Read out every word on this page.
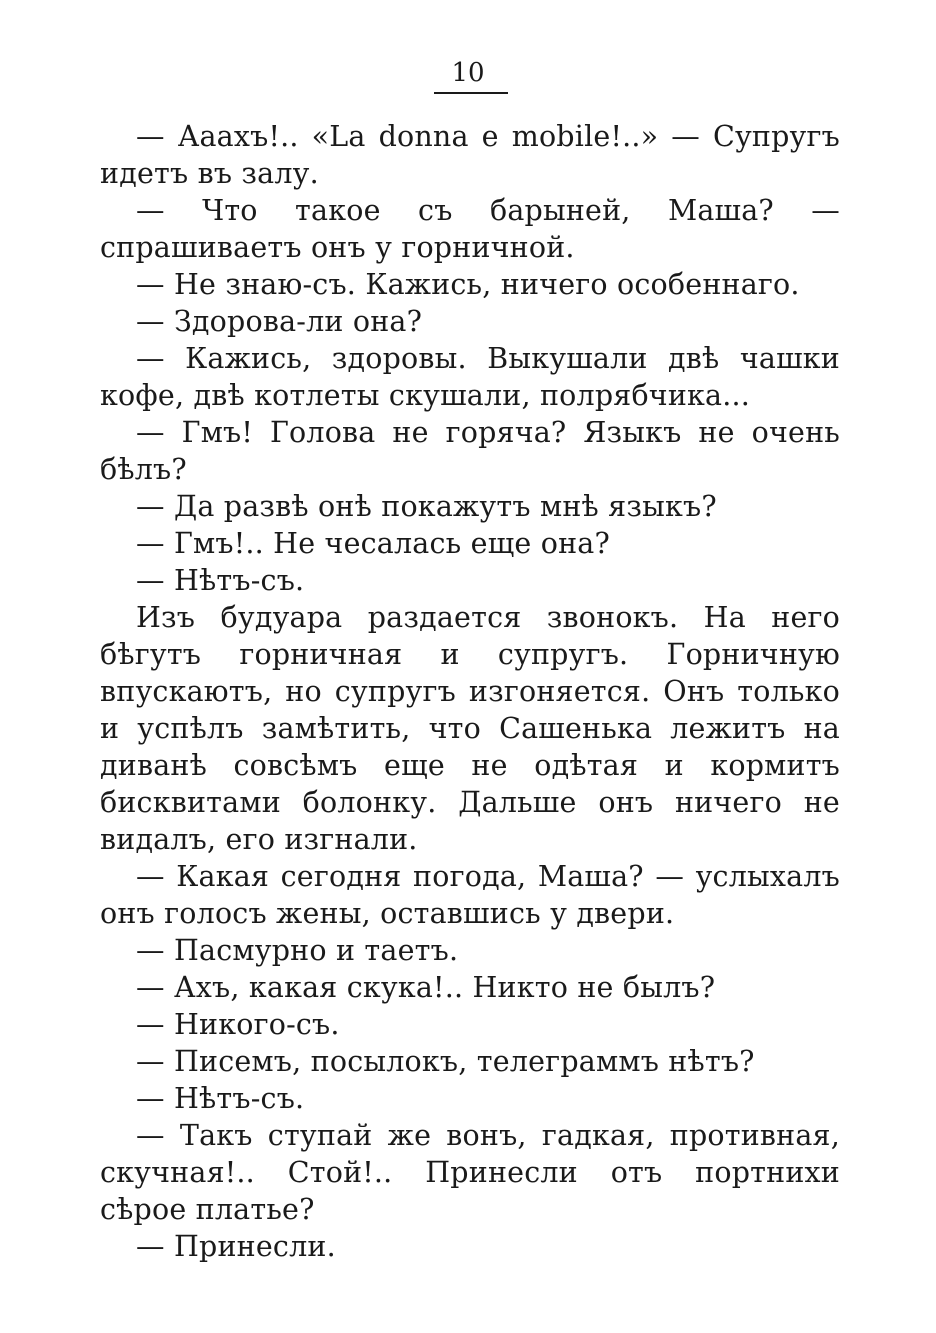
10

— Ааахъ!.. «La donna e mobile!..» — Супругъ идетъ въ залу.

— Что такое съ барыней, Маша? — спрашиваетъ онъ у горничной.

— Не знаю-съ. Кажись, ничего особеннаго.

— Здорова-ли она?

— Кажись, здоровы. Выкушали двѣ чашки кофе, двѣ котлеты скушали, полрябчика...

— Гмъ! Голова не горяча? Языкъ не очень бѣлъ?

— Да развѣ онѣ покажутъ мнѣ языкъ?

— Гмъ!.. Не чесалась еще она?

— Нѣтъ-съ.

Изъ будуара раздается звонокъ. На него бѣгутъ горничная и супругъ. Горничную впускаютъ, но супругъ изгоняется. Онъ только и успѣлъ замѣтить, что Сашенька лежитъ на диванѣ совсѣмъ еще не одѣтая и кормитъ бисквитами болонку. Дальше онъ ничего не видалъ, его изгнали.

— Какая сегодня погода, Маша? — услыхалъ онъ голосъ жены, оставшись у двери.

— Пасмурно и таетъ.

— Ахъ, какая скука!.. Никто не былъ?

— Никого-съ.

— Писемъ, посылокъ, телеграммъ нѣтъ?

— Нѣтъ-съ.

— Такъ ступай же вонъ, гадкая, противная, скучная!.. Стой!.. Принесли отъ портнихи сѣрое платье?

— Принесли.
